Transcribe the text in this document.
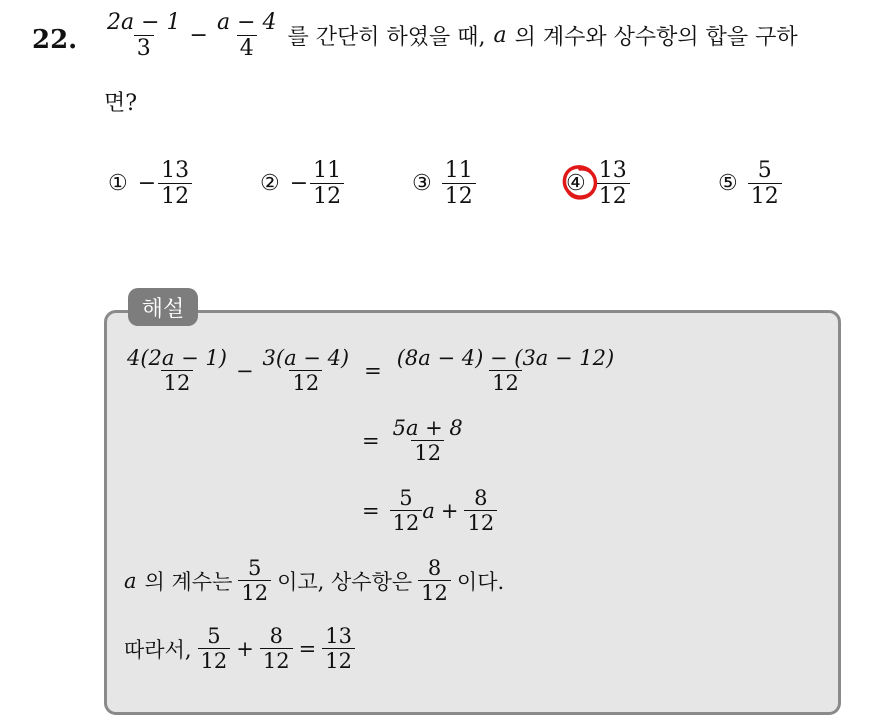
22. $\frac{2a - 1}{3} - \frac{a - 4}{4}$ 를 간단히 하였을 때, a 의 계수와 상수항의 합을 구하
면?
① − $\frac{13}{12}$	② − $\frac{11}{12}$	③ $\frac{11}{12}$	④ $\frac{13}{12}$	⑤ $\frac{5}{12}$
해설
$\frac{4(2a - 1)}{12} - \frac{3(a - 4)}{12} = \frac{(8a - 4) - (3a - 12)}{12}$
= $\frac{5a + 8}{12}$
= $\frac{5}{12}$ $a + \frac{8}{12}$
a 의 계수는 $\frac{5}{12}$ 이고, 상수항은 $\frac{8}{12}$ 이다.
따라서, $\frac{5}{12} + \frac{8}{12} = \frac{13}{12}$
